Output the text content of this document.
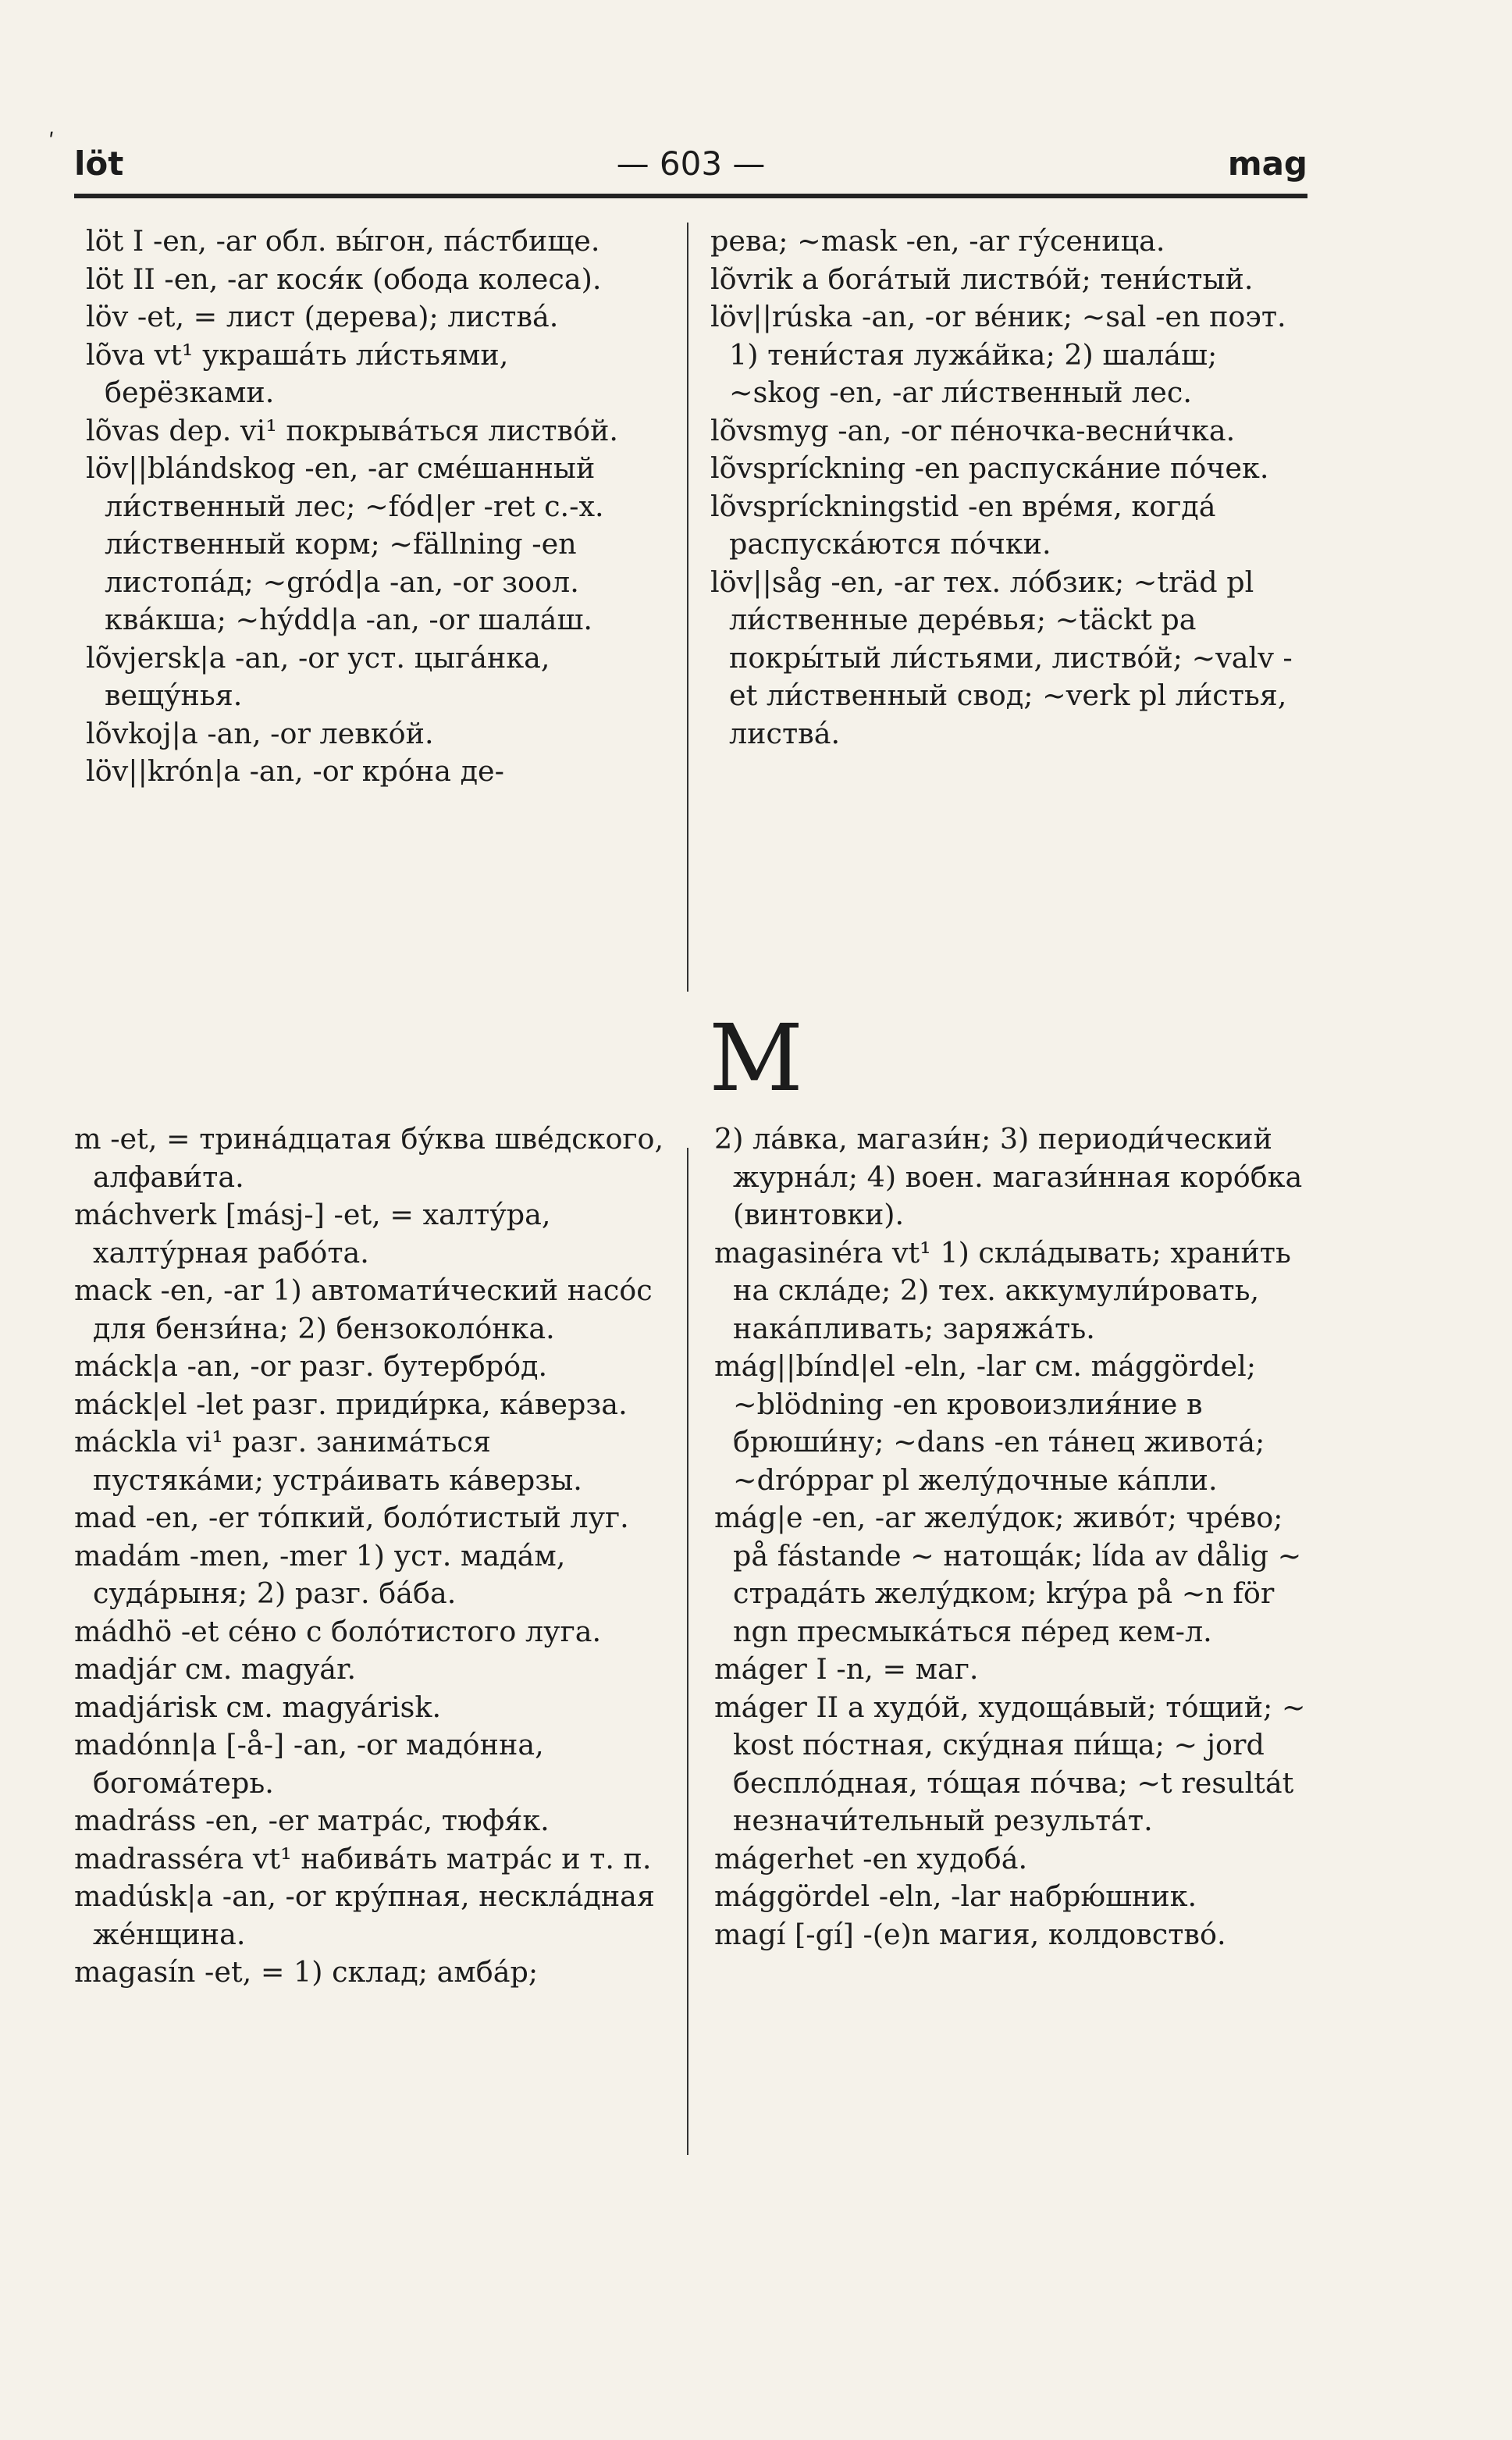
ʹ
löt	— 603 —	mag

löt I -en, -ar обл. вы́гон, па́стбище.

löt II -en, -ar кося́к (обода колеса).

löv -et, = лист (дерева); листва́.

lõva vt¹ украша́ть ли́стьями, берёзками.

lõvas dep. vi¹ покрыва́ться листво́й.

löv||blándskog -en, -ar сме́шанный ли́ственный лес; ~fód|er -ret с.-х. ли́ственный корм; ~fällning -en листопа́д; ~gród|a -an, -or зоол. ква́кша; ~hýdd|a -an, -or шала́ш.

lõvjersk|a -an, -or уст. цыга́нка, вещу́нья.

lõvkoj|a -an, -or левко́й.

löv||krón|a -an, -or кро́на де-

рева; ~mask -en, -ar гу́сеница.

lõvrik a бога́тый листво́й; тени́стый.

löv||rúska -an, -or ве́ник; ~sal -en поэт. 1) тени́стая лужа́йка; 2) шала́ш; ~skog -en, -ar ли́ственный лес.

lõvsmyg -an, -or пе́ночка-весни́чка.

lõvspríckning -en распуска́ние по́чек.

lõvspríckningstid -en вре́мя, когда́ распуска́ются по́чки.

löv||såg -en, -ar тех. ло́бзик; ~träd pl ли́ственные дере́вья; ~täckt pa покры́тый ли́стьями, листво́й; ~valv -et ли́ственный свод; ~verk pl ли́стья, листва́.

M

m -et, = трина́дцатая бу́ква шве́дского, алфави́та.

máchverk [másj-] -et, = халту́ра, халту́рная рабо́та.

mack -en, -ar 1) автомати́ческий насо́с для бензи́на; 2) бензоколо́нка.

máck|a -an, -or разг. бутербро́д.

máck|el -let разг. приди́рка, ка́верза.

máckla vi¹ разг. занима́ться пустяка́ми; устра́ивать ка́верзы.

mad -en, -er то́пкий, боло́тистый луг.

madám -men, -mer 1) уст. мада́м, суда́рыня; 2) разг. ба́ба.

mádhö -et се́но с боло́тистого луга.

madjár см. magyár.

madjárisk см. magyárisk.

madónn|a [-å-] -an, -or мадо́нна, богома́терь.

madráss -en, -er матра́с, тюфя́к.

madrasséra vt¹ набива́ть матра́с и т. п.

madúsk|a -an, -or кру́пная, нескла́дная же́нщина.

magasín -et, = 1) склад; амба́р;

2) ла́вка, магази́н; 3) периоди́ческий журна́л; 4) воен. магази́нная коро́бка (винтовки).

magasinéra vt¹ 1) скла́дывать; храни́ть на скла́де; 2) тех. аккумули́ровать, нака́пливать; заряжа́ть.

mág||bínd|el -eln, -lar см. mággördel; ~blödning -en кровоизлия́ние в брюши́ну; ~dans -en та́нец живота́; ~dróppar pl желу́дочные ка́пли.

mág|e -en, -ar желу́док; живо́т; чре́во; på fástande ~ натоща́к; lída av dålig ~ страда́ть желу́дком; krýpa på ~n för ngn пресмыка́ться пе́ред кем-л.

máger I -n, = маг.

máger II a худо́й, худоща́вый; то́щий; ~ kost по́стная, ску́дная пи́ща; ~ jord беспло́дная, то́щая по́чва; ~t resultát незначи́тельный результа́т.

mágerhet -en худоба́.

mággördel -eln, -lar набрю́шник.

magí [-gí] -(e)n магия, колдовство́.
